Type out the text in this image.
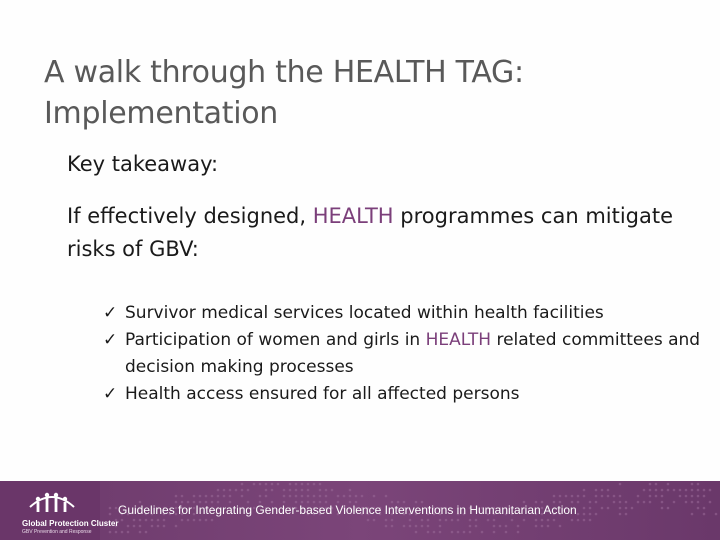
A walk through the HEALTH TAG:
Implementation
Key takeaway:
If effectively designed, HEALTH programmes can mitigate risks of GBV:
✓ Survivor medical services located within health facilities
✓ Participation of women and girls in HEALTH related committees and decision making processes
✓ Health access ensured for all affected persons
Global Protection Cluster
GBV Prevention and Response
Guidelines for Integrating Gender-based Violence Interventions in Humanitarian Action
